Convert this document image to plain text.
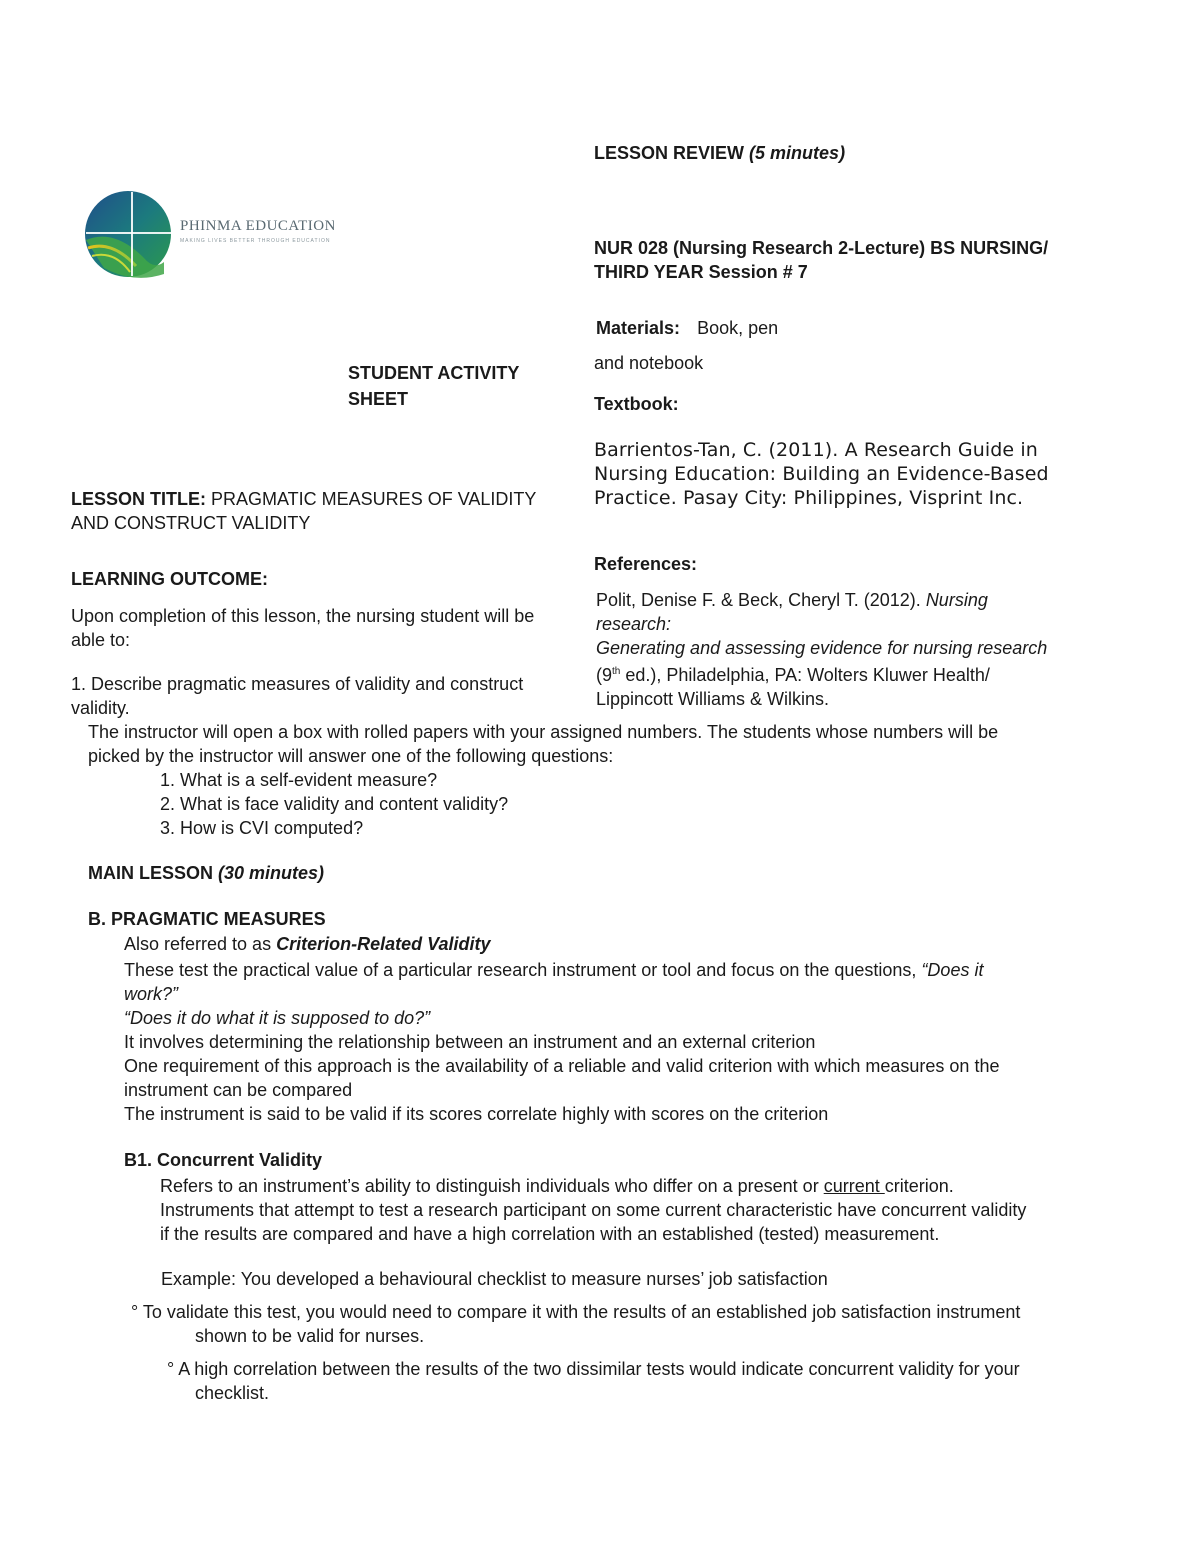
PHINMA EDUCATION
MAKING LIVES BETTER THROUGH EDUCATION
LESSON REVIEW (5 minutes)
NUR 028 (Nursing Research 2-Lecture) BS NURSING/
THIRD YEAR Session # 7
Materials: Book, pen
and notebook
Textbook:
Barrientos-Tan, C. (2011). A Research Guide in
Nursing Education: Building an Evidence-Based
Practice. Pasay City: Philippines, Visprint Inc.
References:
Polit, Denise F. & Beck, Cheryl T. (2012). Nursing
research:
Generating and assessing evidence for nursing research
(9th ed.), Philadelphia, PA: Wolters Kluwer Health/
Lippincott Williams & Wilkins.
STUDENT ACTIVITY
SHEET
LESSON TITLE: PRAGMATIC MEASURES OF VALIDITY
AND CONSTRUCT VALIDITY
LEARNING OUTCOME:
Upon completion of this lesson, the nursing student will be
able to:
1. Describe pragmatic measures of validity and construct
validity.
The instructor will open a box with rolled papers with your assigned numbers. The students whose numbers will be
picked by the instructor will answer one of the following questions:
1. What is a self-evident measure?
2. What is face validity and content validity?
3. How is CVI computed?
MAIN LESSON (30 minutes)
B. PRAGMATIC MEASURES
Also referred to as Criterion-Related Validity
These test the practical value of a particular research instrument or tool and focus on the questions, “Does it
work?”
“Does it do what it is supposed to do?”
It involves determining the relationship between an instrument and an external criterion
One requirement of this approach is the availability of a reliable and valid criterion with which measures on the
instrument can be compared
The instrument is said to be valid if its scores correlate highly with scores on the criterion
B1. Concurrent Validity
Refers to an instrument’s ability to distinguish individuals who differ on a present or current criterion.
Instruments that attempt to test a research participant on some current characteristic have concurrent validity
if the results are compared and have a high correlation with an established (tested) measurement.
Example: You developed a behavioural checklist to measure nurses’ job satisfaction
° To validate this test, you would need to compare it with the results of an established job satisfaction instrument
shown to be valid for nurses.
° A high correlation between the results of the two dissimilar tests would indicate concurrent validity for your
checklist.
